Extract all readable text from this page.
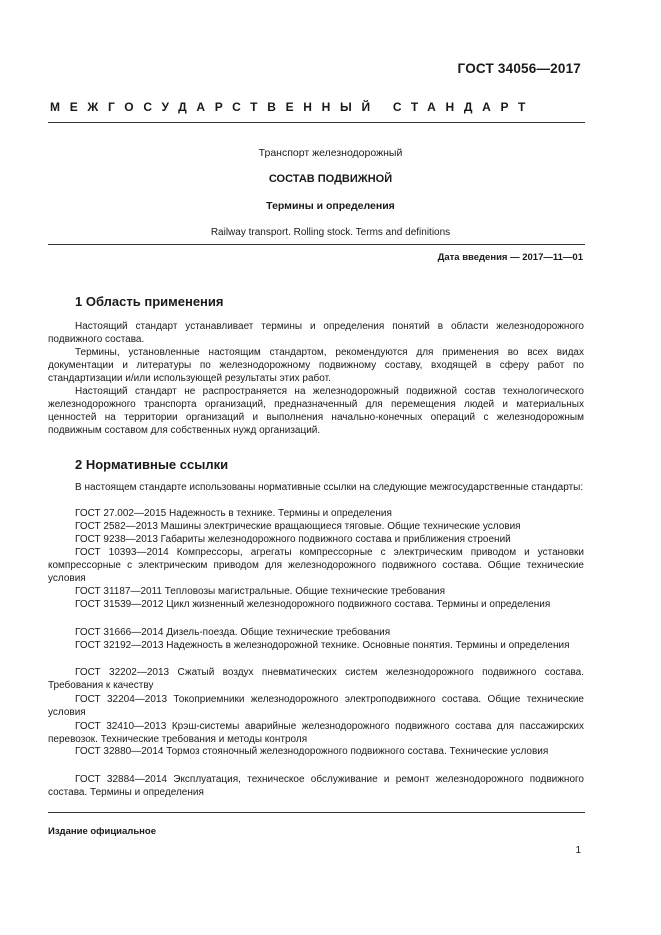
ГОСТ 34056—2017
МЕЖГОСУДАРСТВЕННЫЙ СТАНДАРТ
Транспорт железнодорожный
СОСТАВ ПОДВИЖНОЙ
Термины и определения
Railway transport. Rolling stock. Terms and definitions
Дата введения — 2017—11—01
1 Область применения

Настоящий стандарт устанавливает термины и определения понятий в области железнодорожного подвижного состава.

Термины, установленные настоящим стандартом, рекомендуются для применения во всех видах документации и литературы по железнодорожному подвижному составу, входящей в сферу работ по стандартизации и/или использующей результаты этих работ.

Настоящий стандарт не распространяется на железнодорожный подвижной состав технологического железнодорожного транспорта организаций, предназначенный для перемещения людей и материальных ценностей на территории организаций и выполнения начально-конечных операций с железнодорожным подвижным составом для собственных нужд организаций.

2 Нормативные ссылки

В настоящем стандарте использованы нормативные ссылки на следующие межгосударственные стандарты:

ГОСТ 27.002—2015 Надежность в технике. Термины и определения

ГОСТ 2582—2013 Машины электрические вращающиеся тяговые. Общие технические условия

ГОСТ 9238—2013 Габариты железнодорожного подвижного состава и приближения строений

ГОСТ 10393—2014 Компрессоры, агрегаты компрессорные с электрическим приводом и установки компрессорные с электрическим приводом для железнодорожного подвижного состава. Общие технические условия

ГОСТ 31187—2011 Тепловозы магистральные. Общие технические требования

ГОСТ 31539—2012 Цикл жизненный железнодорожного подвижного состава. Термины и определения

ГОСТ 31666—2014 Дизель-поезда. Общие технические требования

ГОСТ 32192—2013 Надежность в железнодорожной технике. Основные понятия. Термины и определения

ГОСТ 32202—2013 Сжатый воздух пневматических систем железнодорожного подвижного состава. Требования к качеству

ГОСТ 32204—2013 Токоприемники железнодорожного электроподвижного состава. Общие технические условия

ГОСТ 32410—2013 Крэш-системы аварийные железнодорожного подвижного состава для пассажирских перевозок. Технические требования и методы контроля

ГОСТ 32880—2014 Тормоз стояночный железнодорожного подвижного состава. Технические условия

ГОСТ 32884—2014 Эксплуатация, техническое обслуживание и ремонт железнодорожного подвижного состава. Термины и определения

Издание официальное
1
